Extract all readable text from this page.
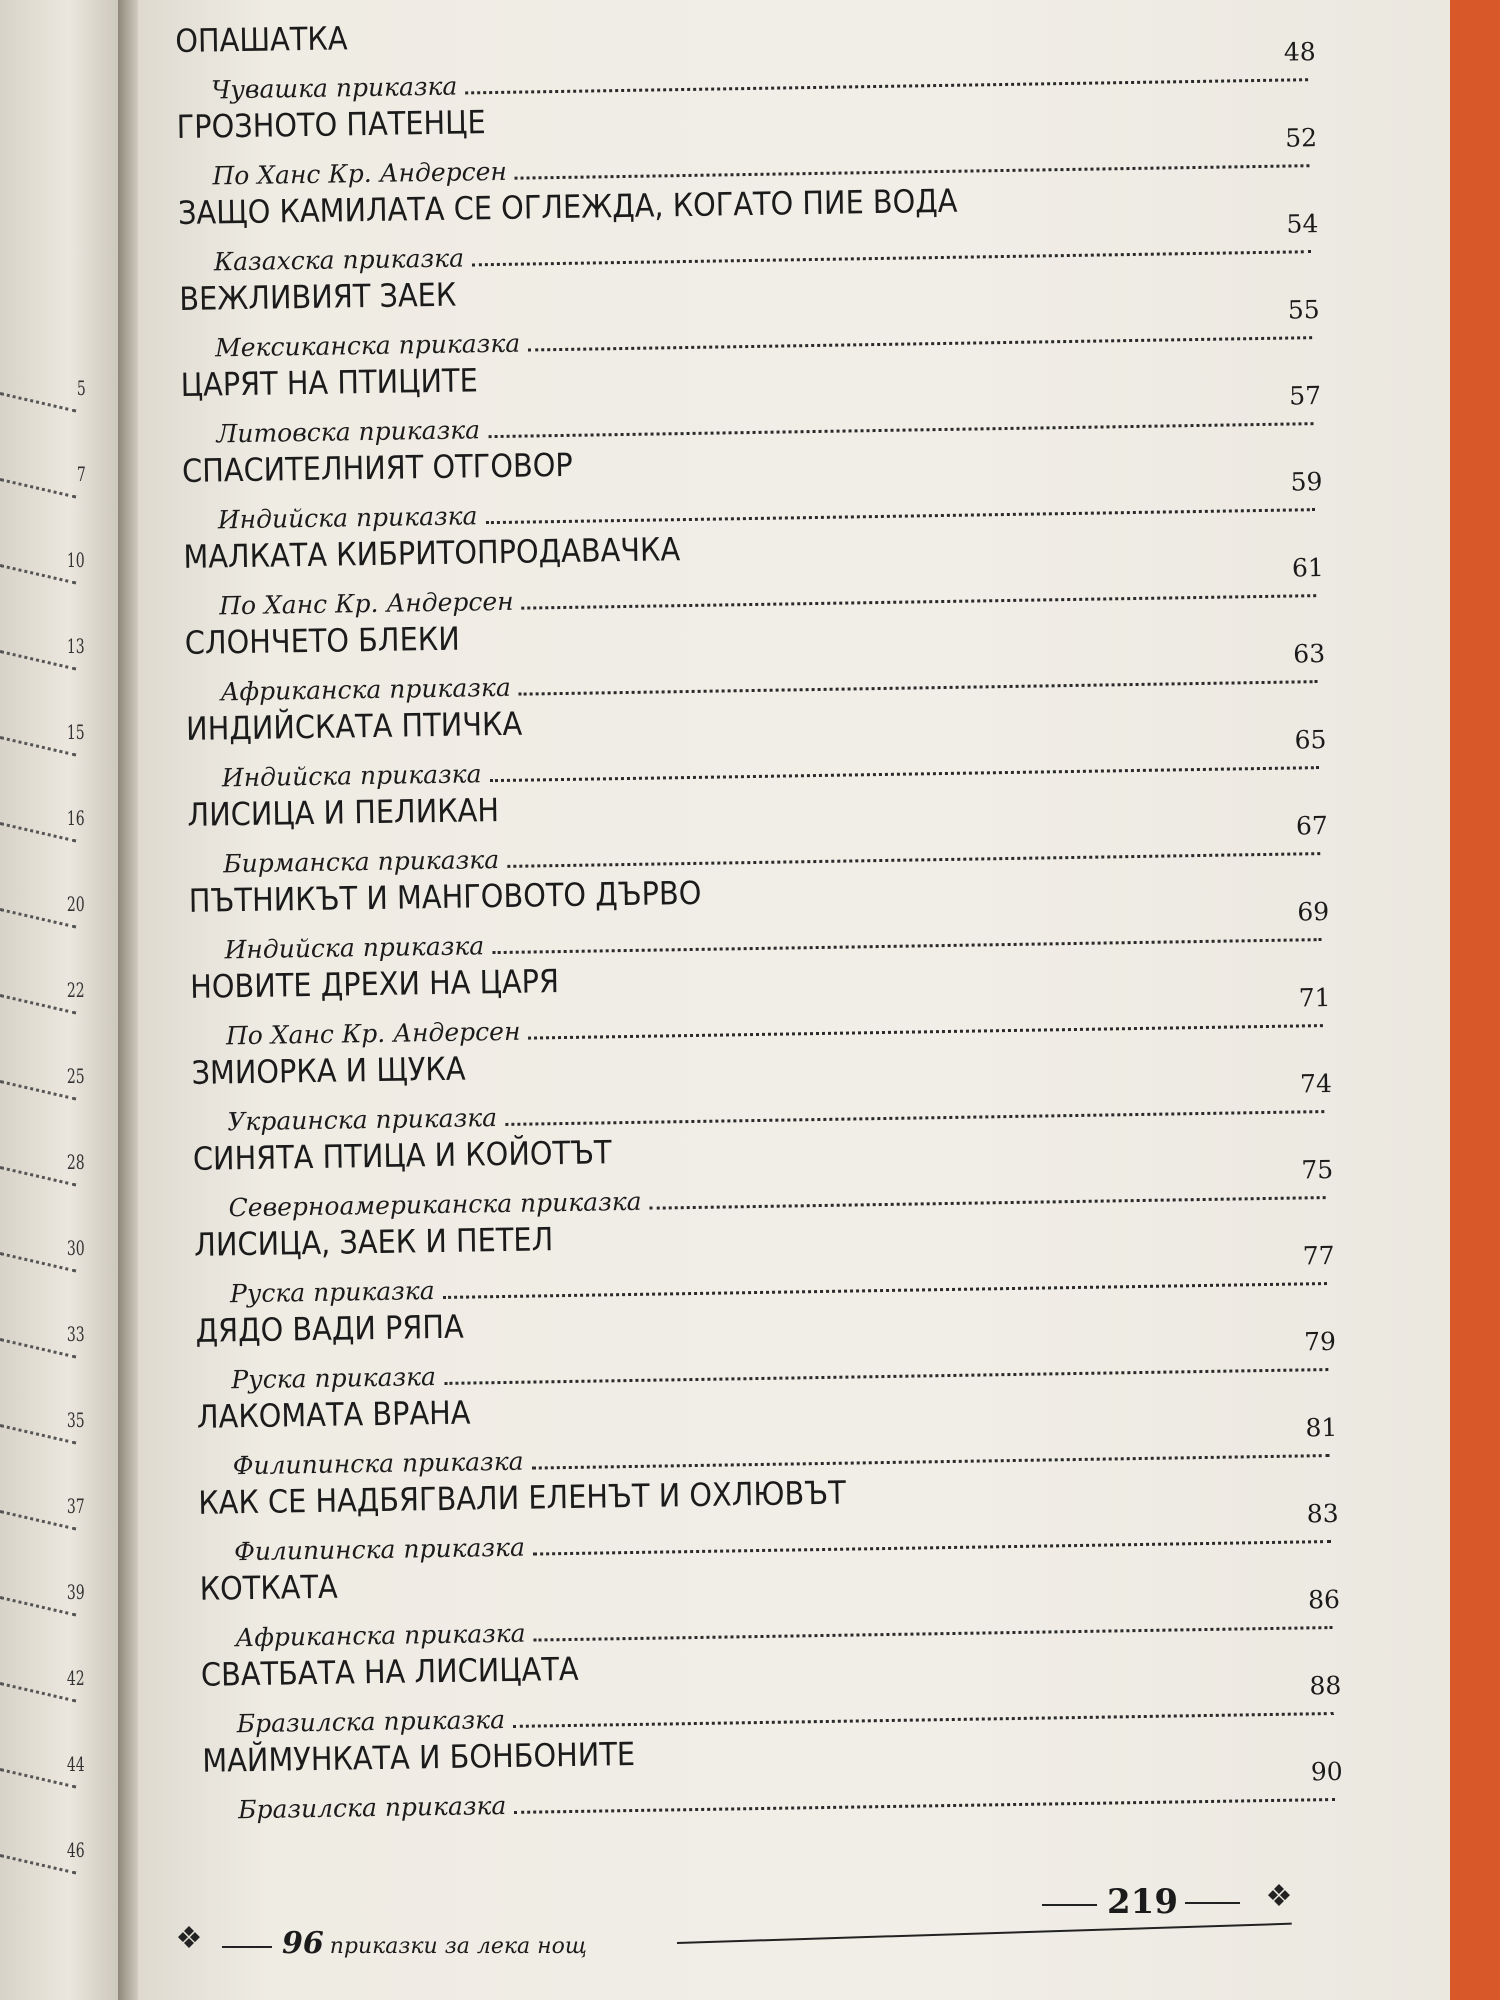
5
7
10
13
15
16
20
22
25
28
30
33
35
37
39
42
44
46
ОПАШАТКА
Чувашка приказка
48
ГРОЗНОТО ПАТЕНЦЕ
По Ханс Кр. Андерсен
52
ЗАЩО КАМИЛАТА СЕ ОГЛЕЖДА, КОГАТО ПИЕ ВОДА
Казахска приказка
54
ВЕЖЛИВИЯТ ЗАЕК
Мексиканска приказка
55
ЦАРЯТ НА ПТИЦИТЕ
Литовска приказка
57
СПАСИТЕЛНИЯТ ОТГОВОР
Индийска приказка
59
МАЛКАТА КИБРИТОПРОДАВАЧКА
По Ханс Кр. Андерсен
61
СЛОНЧЕТО БЛЕКИ
Африканска приказка
63
ИНДИЙСКАТА ПТИЧКА
Индийска приказка
65
ЛИСИЦА И ПЕЛИКАН
Бирманска приказка
67
ПЪТНИКЪТ И МАНГОВОТО ДЪРВО
Индийска приказка
69
НОВИТЕ ДРЕХИ НА ЦАРЯ
По Ханс Кр. Андерсен
71
ЗМИОРКА И ЩУКА
Украинска приказка
74
СИНЯТА ПТИЦА И КОЙОТЪТ
Северноамериканска приказка
75
ЛИСИЦА, ЗАЕК И ПЕТЕЛ
Руска приказка
77
ДЯДО ВАДИ РЯПА
Руска приказка
79
ЛАКОМАТА ВРАНА
Филипинска приказка
81
КАК СЕ НАДБЯГВАЛИ ЕЛЕНЪТ И ОХЛЮВЪТ
Филипинска приказка
83
КОТКАТА
Африканска приказка
86
СВАТБАТА НА ЛИСИЦАТА
Бразилска приказка
88
МАЙМУНКАТА И БОНБОНИТЕ
Бразилска приказка
90
❖	96 приказки за лека нощ
219	❖
